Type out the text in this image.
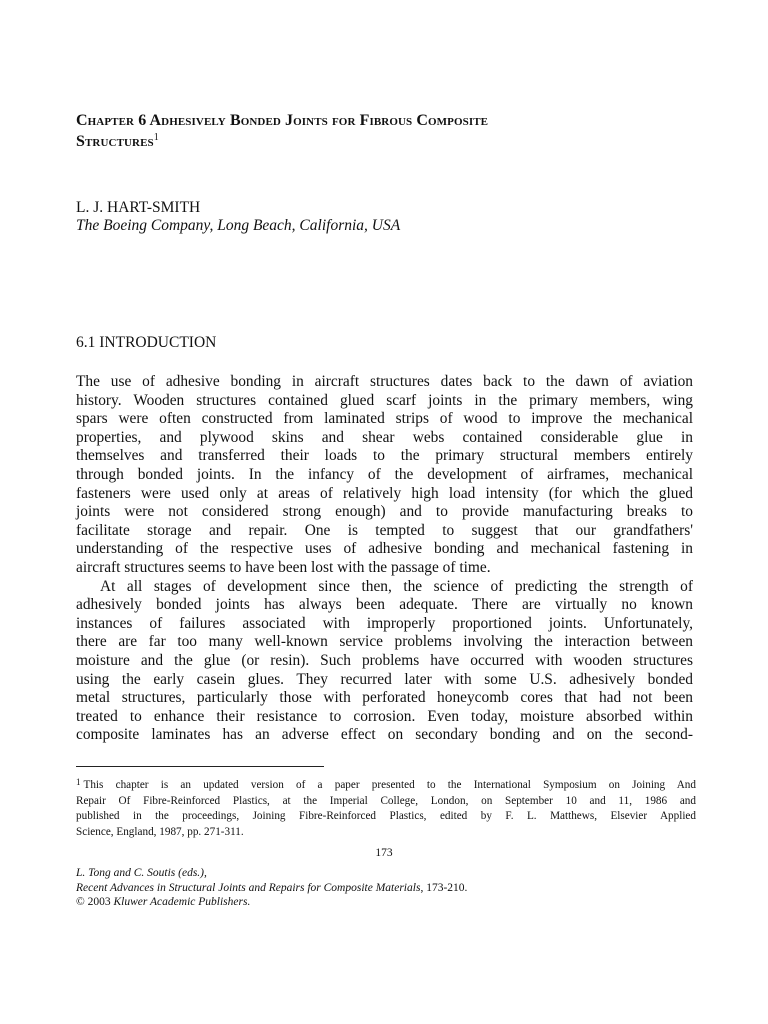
Chapter 6 Adhesively Bonded Joints for Fibrous Composite
Structures$^1$
L. J. HART-SMITH
The Boeing Company, Long Beach, California, USA
6.1 INTRODUCTION
The use of adhesive bonding in aircraft structures dates back to the dawn of aviation
history. Wooden structures contained glued scarf joints in the primary members, wing
spars were often constructed from laminated strips of wood to improve the mechanical
properties, and plywood skins and shear webs contained considerable glue in
themselves and transferred their loads to the primary structural members entirely
through bonded joints. In the infancy of the development of airframes, mechanical
fasteners were used only at areas of relatively high load intensity (for which the glued
joints were not considered strong enough) and to provide manufacturing breaks to
facilitate storage and repair. One is tempted to suggest that our grandfathers'
understanding of the respective uses of adhesive bonding and mechanical fastening in
aircraft structures seems to have been lost with the passage of time.
At all stages of development since then, the science of predicting the strength of
adhesively bonded joints has always been adequate. There are virtually no known
instances of failures associated with improperly proportioned joints. Unfortunately,
there are far too many well-known service problems involving the interaction between
moisture and the glue (or resin). Such problems have occurred with wooden structures
using the early casein glues. They recurred later with some U.S. adhesively bonded
metal structures, particularly those with perforated honeycomb cores that had not been
treated to enhance their resistance to corrosion. Even today, moisture absorbed within
composite laminates has an adverse effect on secondary bonding and on the second-
$^1$ This chapter is an updated version of a paper presented to the International Symposium on Joining And
Repair Of Fibre-Reinforced Plastics, at the Imperial College, London, on September 10 and 11, 1986 and
published in the proceedings, Joining Fibre-Reinforced Plastics, edited by F. L. Matthews, Elsevier Applied
Science, England, 1987, pp. 271-311.
173
L. Tong and C. Soutis (eds.),
Recent Advances in Structural Joints and Repairs for Composite Materials, 173-210.
© 2003 Kluwer Academic Publishers.
